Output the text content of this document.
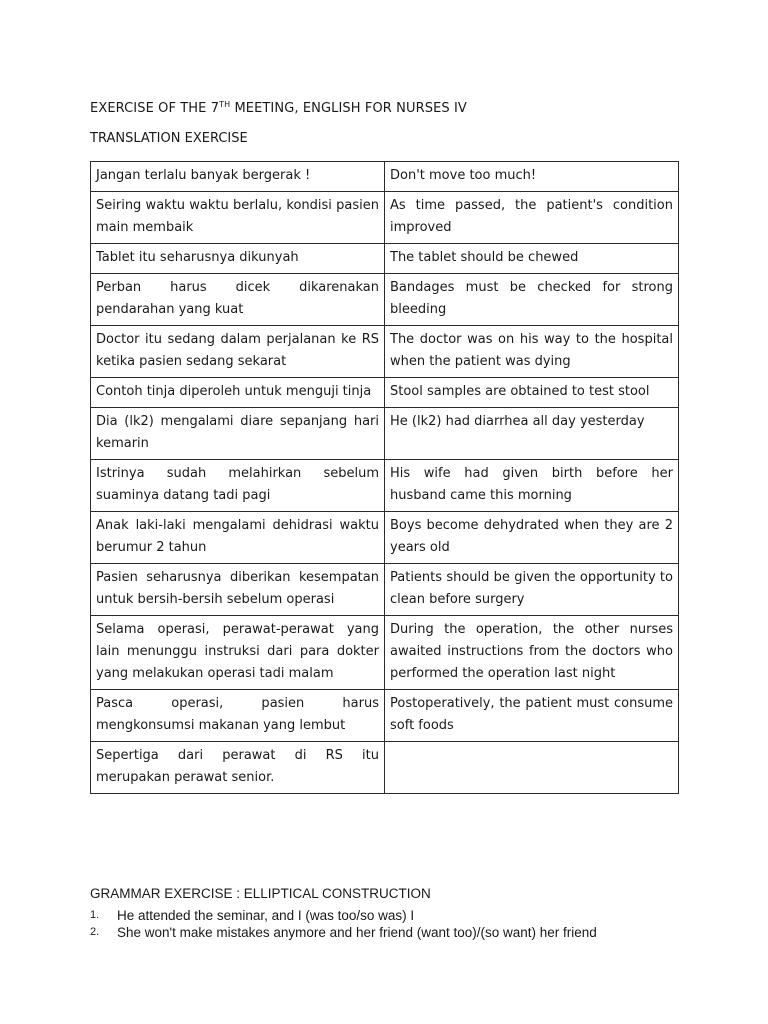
EXERCISE OF THE 7TH MEETING, ENGLISH FOR NURSES IV
TRANSLATION EXERCISE
Jangan terlalu banyak bergerak !	Don't move too much!
Seiring waktu waktu berlalu, kondisi pasien main membaik	As time passed, the patient's condition improved
Tablet itu seharusnya dikunyah	The tablet should be chewed
Perban harus dicek dikarenakan pendarahan yang kuat	Bandages must be checked for strong bleeding
Doctor itu sedang dalam perjalanan ke RS ketika pasien sedang sekarat	The doctor was on his way to the hospital when the patient was dying
Contoh tinja diperoleh untuk menguji tinja	Stool samples are obtained to test stool
Dia (lk2) mengalami diare sepanjang hari kemarin	He (lk2) had diarrhea all day yesterday
Istrinya sudah melahirkan sebelum suaminya datang tadi pagi	His wife had given birth before her husband came this morning
Anak laki-laki mengalami dehidrasi waktu berumur 2 tahun	Boys become dehydrated when they are 2 years old
Pasien seharusnya diberikan kesempatan untuk bersih-bersih sebelum operasi	Patients should be given the opportunity to clean before surgery
Selama operasi, perawat-perawat yang lain menunggu instruksi dari para dokter yang melakukan operasi tadi malam	During the operation, the other nurses awaited instructions from the doctors who performed the operation last night
Pasca operasi, pasien harus mengkonsumsi makanan yang lembut	Postoperatively, the patient must consume soft foods
Sepertiga dari perawat di RS itu merupakan perawat senior.	
GRAMMAR EXERCISE : ELLIPTICAL CONSTRUCTION
1.	He attended the seminar, and I (was too/so was) I
2.	She won't make mistakes anymore and her friend (want too)/(so want) her friend
